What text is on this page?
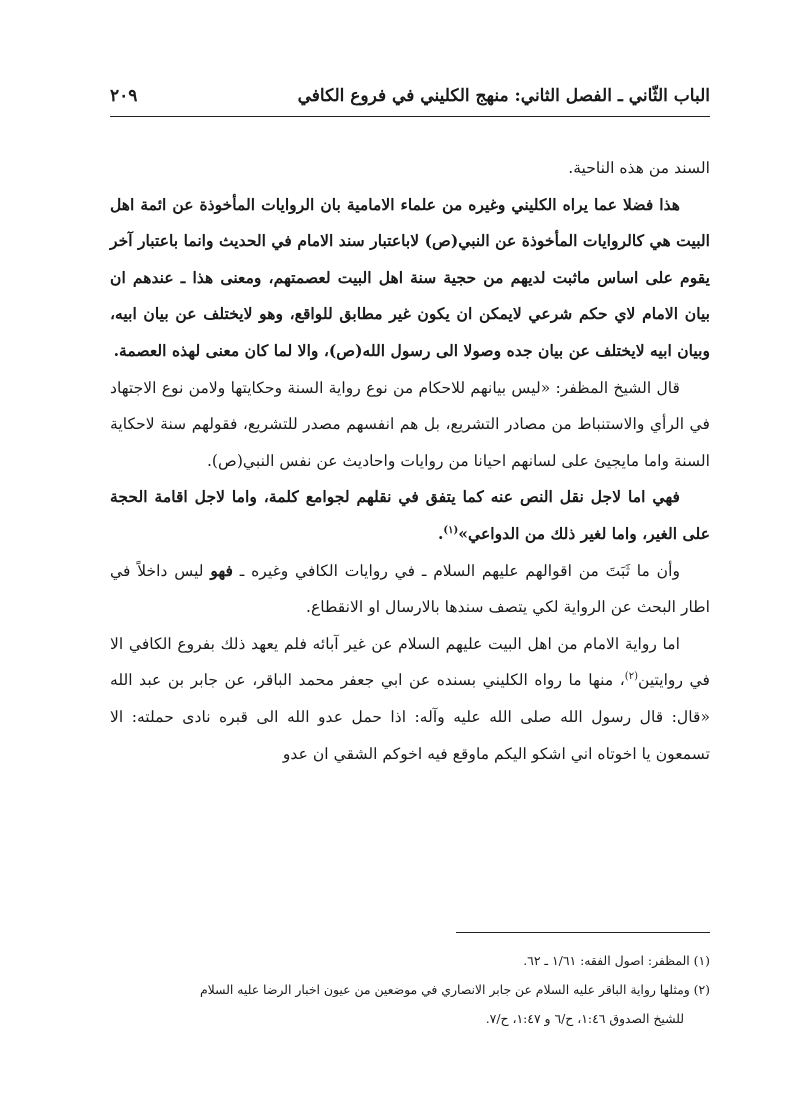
الباب الثّاني ـ الفصل الثاني: منهج الكليني في فروع الكافي
٢٠٩

السند من هذه الناحية.

هذا فضلا عما يراه الكليني وغيره من علماء الامامية بان الروايات المأخوذة عن ائمة اهل البيت هي كالروايات المأخوذة عن النبي(ص) لاباعتبار سند الامام في الحديث وانما باعتبار آخر يقوم على اساس ماثبت لديهم من حجية سنة اهل البيت لعصمتهم، ومعنى هذا ـ عندهم ان بيان الامام لاي حكم شرعي لايمكن ان يكون غير مطابق للواقع، وهو لايختلف عن بيان ابيه، وبيان ابيه لايختلف عن بيان جده وصولا الى رسول الله(ص)، والا لما كان معنى لهذه العصمة.

قال الشيخ المظفر: «ليس بيانهم للاحكام من نوع رواية السنة وحكايتها ولامن نوع الاجتهاد في الرأي والاستنباط من مصادر التشريع، بل هم انفسهم مصدر للتشريع، فقولهم سنة لاحكاية السنة واما مايجيئ على لسانهم احيانا من روايات واحاديث عن نفس النبي(ص).

فهي اما لاجل نقل النص عنه كما يتفق في نقلهم لجوامع كلمة، واما لاجل اقامة الحجة على الغير، واما لغير ذلك من الدواعي»$^{(١)}$.

وأن ما ثَبَتَ من اقوالهم عليهم السلام ـ في روايات الكافي وغيره ـ فهو ليس داخلاً في اطار البحث عن الرواية لكي يتصف سندها بالارسال او الانقطاع.

اما رواية الامام من اهل البيت عليهم السلام عن غير آبائه فلم يعهد ذلك بفروع الكافي الا في روايتين$^{(٢)}$، منها ما رواه الكليني بسنده عن ابي جعفر محمد الباقر، عن جابر بن عبد الله «قال: قال رسول الله صلى الله عليه وآله: اذا حمل عدو الله الى قبره نادى حملته: الا تسمعون يا اخوتاه اني اشكو اليكم ماوقع فيه اخوكم الشقي ان عدو

(١) المظفر: اصول الفقه: ١/٦١ ـ ٦٢.

(٢) ومثلها رواية الباقر عليه السلام عن جابر الانصاري في موضعين من عيون اخبار الرضا عليه السلام

للشيخ الصدوق ١:٤٦، ح/٦ و ١:٤٧، ح/٧.
